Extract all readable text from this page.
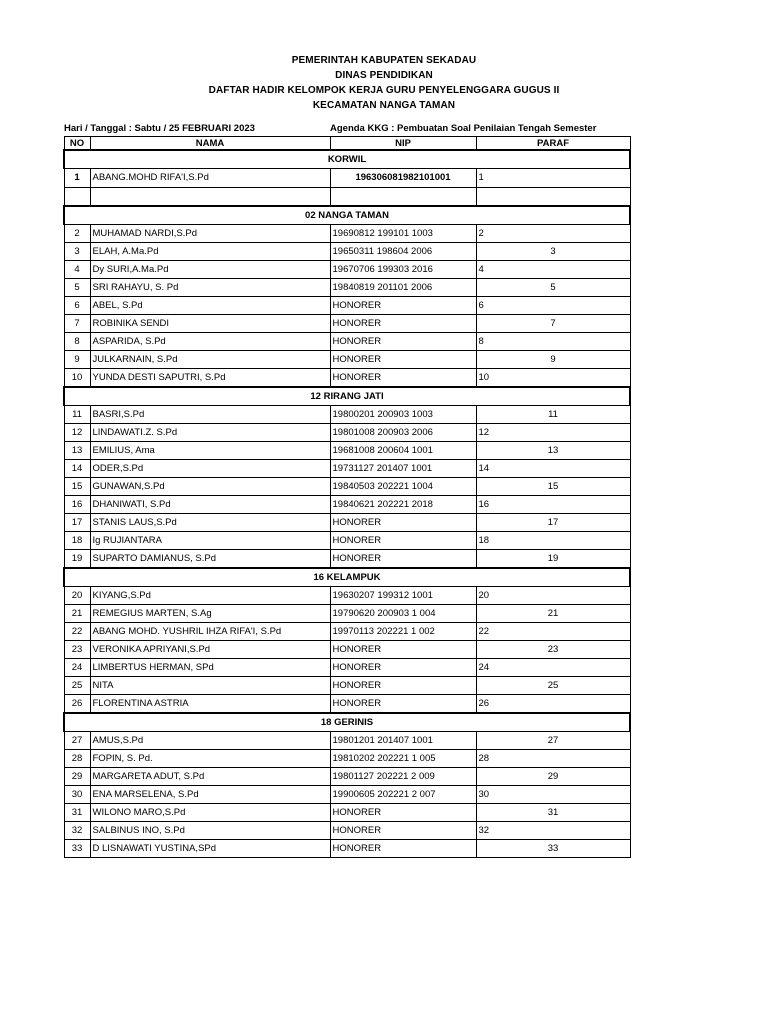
PEMERINTAH KABUPATEN SEKADAU
DINAS PENDIDIKAN
DAFTAR HADIR KELOMPOK KERJA GURU PENYELENGGARA GUGUS II
KECAMATAN NANGA TAMAN
Hari / Tanggal : Sabtu / 25 FEBRUARI 2023	Agenda KKG : Pembuatan Soal Penilaian Tengah Semester
NO	NAMA	NIP	PARAF
KORWIL			
1	ABANG.MOHD RIFA'I,S.Pd	196306081982101001	1

02 NANGA TAMAN			
2	MUHAMAD NARDI,S.Pd	19690812 199101 1003	2
3	ELAH, A.Ma.Pd	19650311 198604 2006	3
4	Dy SURI,A.Ma.Pd	19670706 199303 2016	4
5	SRI RAHAYU, S. Pd	19840819 201101 2006	5
6	ABEL, S.Pd	HONORER	6
7	ROBINIKA SENDI	HONORER	7
8	ASPARIDA, S.Pd	HONORER	8
9	JULKARNAIN, S.Pd	HONORER	9
10	YUNDA DESTI SAPUTRI, S.Pd	HONORER	10
12 RIRANG JATI			
11	BASRI,S.Pd	19800201 200903 1003	11
12	LINDAWATI.Z. S.Pd	19801008 200903 2006	12
13	EMILIUS, Ama	19681008 200604 1001	13
14	ODER,S.Pd	19731127 201407 1001	14
15	GUNAWAN,S.Pd	19840503 202221 1004	15
16	DHANIWATI, S.Pd	19840621 202221 2018	16
17	STANIS LAUS,S.Pd	HONORER	17
18	Ig RUJIANTARA	HONORER	18
19	SUPARTO DAMIANUS, S.Pd	HONORER	19
16 KELAMPUK			
20	KIYANG,S.Pd	19630207 199312 1001	20
21	REMEGIUS MARTEN, S.Ag	19790620 200903 1 004	21
22	ABANG MOHD. YUSHRIL IHZA RIFA'I, S.Pd	19970113 202221 1 002	22
23	VERONIKA APRIYANI,S.Pd	HONORER	23
24	LIMBERTUS HERMAN, SPd	HONORER	24
25	NITA	HONORER	25
26	FLORENTINA ASTRIA	HONORER	26
18 GERINIS			
27	AMUS,S.Pd	19801201 201407 1001	27
28	FOPIN, S. Pd.	19810202 202221 1 005	28
29	MARGARETA ADUT, S.Pd	19801127 202221 2 009	29
30	ENA MARSELENA, S.Pd	19900605 202221 2 007	30
31	WILONO MARO,S.Pd	HONORER	31
32	SALBINUS INO, S.Pd	HONORER	32
33	D LISNAWATI YUSTINA,SPd	HONORER	33
